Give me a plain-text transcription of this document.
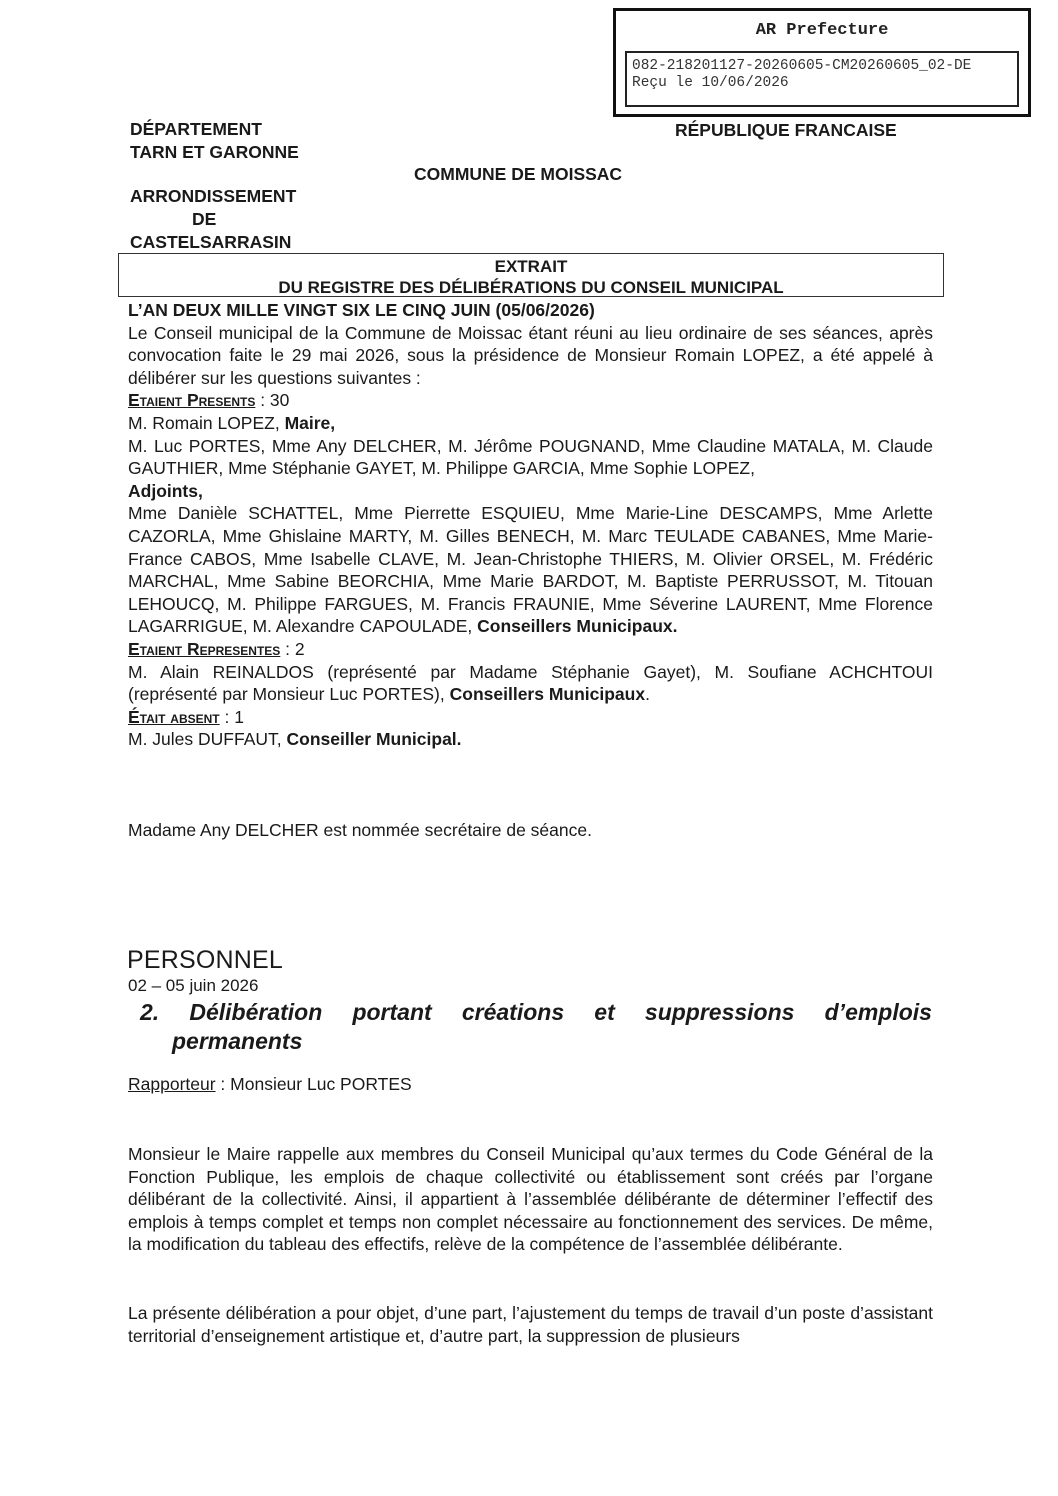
AR Prefecture
082-218201127-20260605-CM20260605_02-DE
Reçu le 10/06/2026
DÉPARTEMENT
TARN ET GARONNE
RÉPUBLIQUE FRANCAISE
COMMUNE DE MOISSAC
ARRONDISSEMENT
DE
CASTELSARRASIN
EXTRAIT
DU REGISTRE DES DÉLIBÉRATIONS DU CONSEIL MUNICIPAL

L’AN DEUX MILLE VINGT SIX LE CINQ JUIN (05/06/2026)

Le Conseil municipal de la Commune de Moissac étant réuni au lieu ordinaire de ses séances, après convocation faite le 29 mai 2026, sous la présidence de Monsieur Romain LOPEZ, a été appelé à délibérer sur les questions suivantes :

Etaient Presents : 30

M. Romain LOPEZ, Maire,

M. Luc PORTES, Mme Any DELCHER, M. Jérôme POUGNAND, Mme Claudine MATALA, M. Claude GAUTHIER, Mme Stéphanie GAYET, M. Philippe GARCIA, Mme Sophie LOPEZ,

Adjoints,

Mme Danièle SCHATTEL, Mme Pierrette ESQUIEU, Mme Marie-Line DESCAMPS, Mme Arlette CAZORLA, Mme Ghislaine MARTY, M. Gilles BENECH, M. Marc TEULADE CABANES, Mme Marie-France CABOS, Mme Isabelle CLAVE, M. Jean-Christophe THIERS, M. Olivier ORSEL, M. Frédéric MARCHAL, Mme Sabine BEORCHIA, Mme Marie BARDOT, M. Baptiste PERRUSSOT, M. Titouan LEHOUCQ, M. Philippe FARGUES, M. Francis FRAUNIE, Mme Séverine LAURENT, Mme Florence LAGARRIGUE, M. Alexandre CAPOULADE, Conseillers Municipaux.

Etaient Representes : 2

M. Alain REINALDOS (représenté par Madame Stéphanie Gayet), M. Soufiane ACHCHTOUI (représenté par Monsieur Luc PORTES), Conseillers Municipaux.

Était absent : 1

M. Jules DUFFAUT, Conseiller Municipal.

Madame Any DELCHER est nommée secrétaire de séance.
PERSONNEL
02 – 05 juin 2026
2. Délibération portant créations et suppressions d’emplois
permanents
Rapporteur : Monsieur Luc PORTES

Monsieur le Maire rappelle aux membres du Conseil Municipal qu’aux termes du Code Général de la Fonction Publique, les emplois de chaque collectivité ou établissement sont créés par l’organe délibérant de la collectivité. Ainsi, il appartient à l’assemblée délibérante de déterminer l’effectif des emplois à temps complet et temps non complet nécessaire au fonctionnement des services. De même, la modification du tableau des effectifs, relève de la compétence de l’assemblée délibérante.

La présente délibération a pour objet, d’une part, l’ajustement du temps de travail d’un poste d’assistant territorial d’enseignement artistique et, d’autre part, la suppression de plusieurs
